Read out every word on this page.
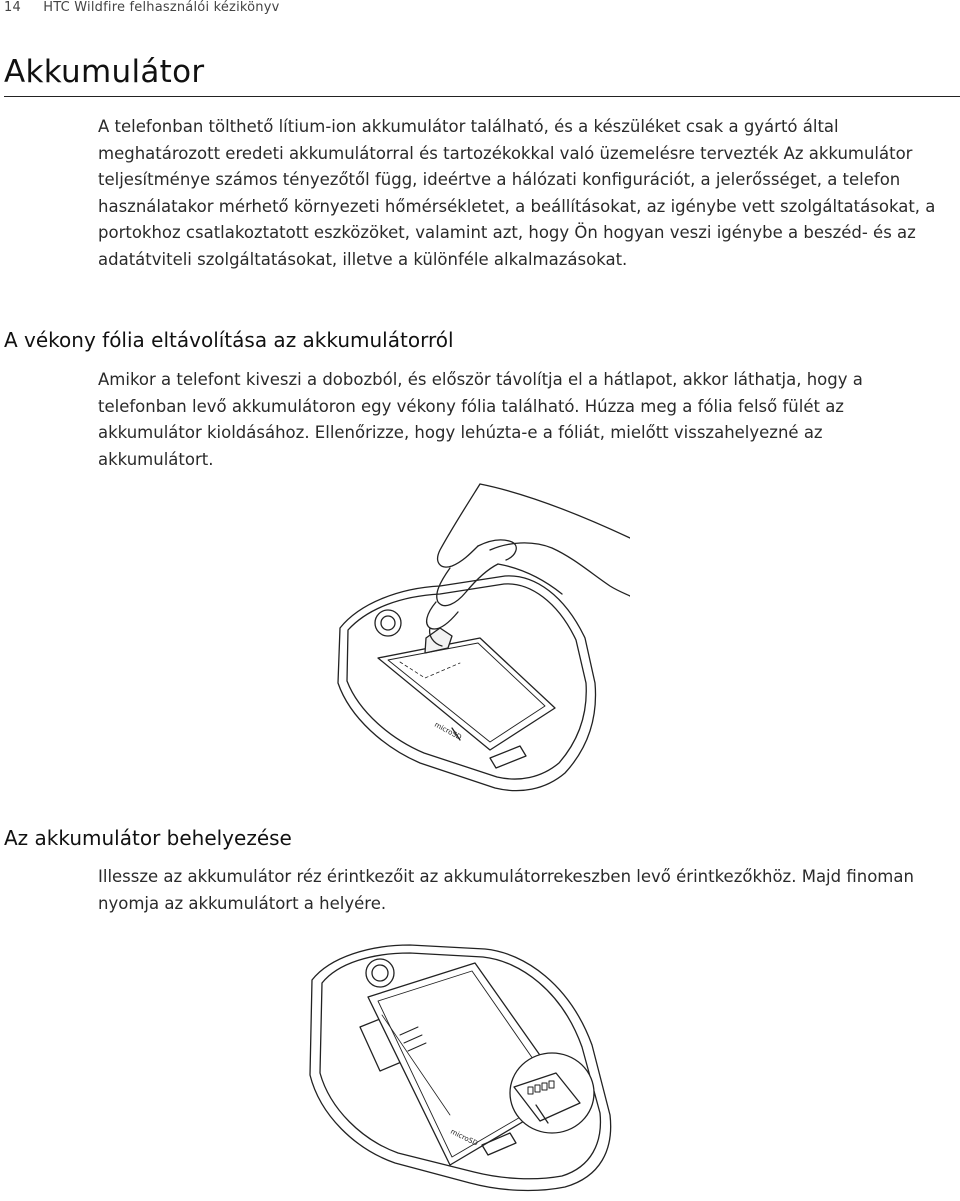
14 HTC Wildfire felhasználói kézikönyv
Akkumulátor

A telefonban tölthető lítium-ion akkumulátor található, és a készüléket csak a gyártó által meghatározott eredeti akkumulátorral és tartozékokkal való üzemelésre tervezték Az akkumulátor teljesítménye számos tényezőtől függ, ideértve a hálózati konfigurációt, a jelerősséget, a telefon használatakor mérhető környezeti hőmérsékletet, a beállításokat, az igénybe vett szolgáltatásokat, a portokhoz csatlakoztatott eszközöket, valamint azt, hogy Ön hogyan veszi igénybe a beszéd- és az adatátviteli szolgáltatásokat, illetve a különféle alkalmazásokat.

A vékony fólia eltávolítása az akkumulátorról

Amikor a telefont kiveszi a dobozból, és először távolítja el a hátlapot, akkor láthatja, hogy a telefonban levő akkumulátoron egy vékony fólia található. Húzza meg a fólia felső fülét az akkumulátor kioldásához. Ellenőrizze, hogy lehúzta-e a fóliát, mielőtt visszahelyezné az akkumulátort.

microSD
Az akkumulátor behelyezése

Illessze az akkumulátor réz érintkezőit az akkumulátorrekeszben levő érintkezőkhöz. Majd finoman nyomja az akkumulátort a helyére.

microSD
